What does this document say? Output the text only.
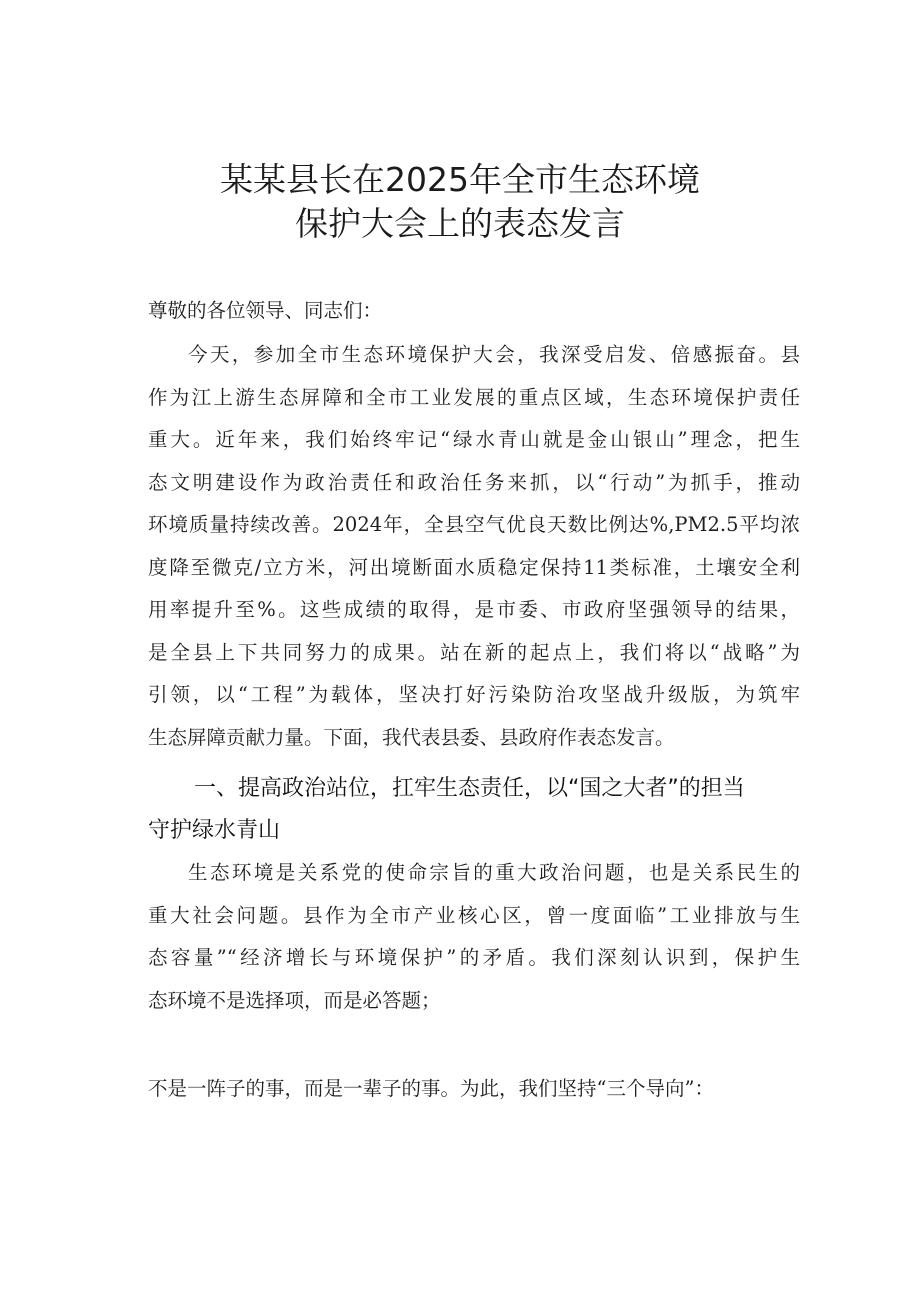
某某县长在2025年全市生态环境
保护大会上的表态发言
尊敬的各位领导、同志们：
今天，参加全市生态环境保护大会，我深受启发、倍感振奋。县
作为江上游生态屏障和全市工业发展的重点区域，生态环境保护责任
重大。近年来，我们始终牢记“绿水青山就是金山银山”理念，把生
态文明建设作为政治责任和政治任务来抓，以“行动”为抓手，推动
环境质量持续改善。2024年，全县空气优良天数比例达%,PM2.5平均浓
度降至微克/立方米，河出境断面水质稳定保持11类标准，土壤安全利
用率提升至%。这些成绩的取得，是市委、市政府坚强领导的结果，
是全县上下共同努力的成果。站在新的起点上，我们将以“战略”为
引领，以“工程”为载体，坚决打好污染防治攻坚战升级版，为筑牢
生态屏障贡献力量。下面，我代表县委、县政府作表态发言。
一、提高政治站位，扛牢生态责任，以“国之大者”的担当
守护绿水青山
生态环境是关系党的使命宗旨的重大政治问题，也是关系民生的
重大社会问题。县作为全市产业核心区，曾一度面临”工业排放与生
态容量”“经济增长与环境保护”的矛盾。我们深刻认识到，保护生
态环境不是选择项，而是必答题；
不是一阵子的事，而是一辈子的事。为此，我们坚持“三个导向”：
